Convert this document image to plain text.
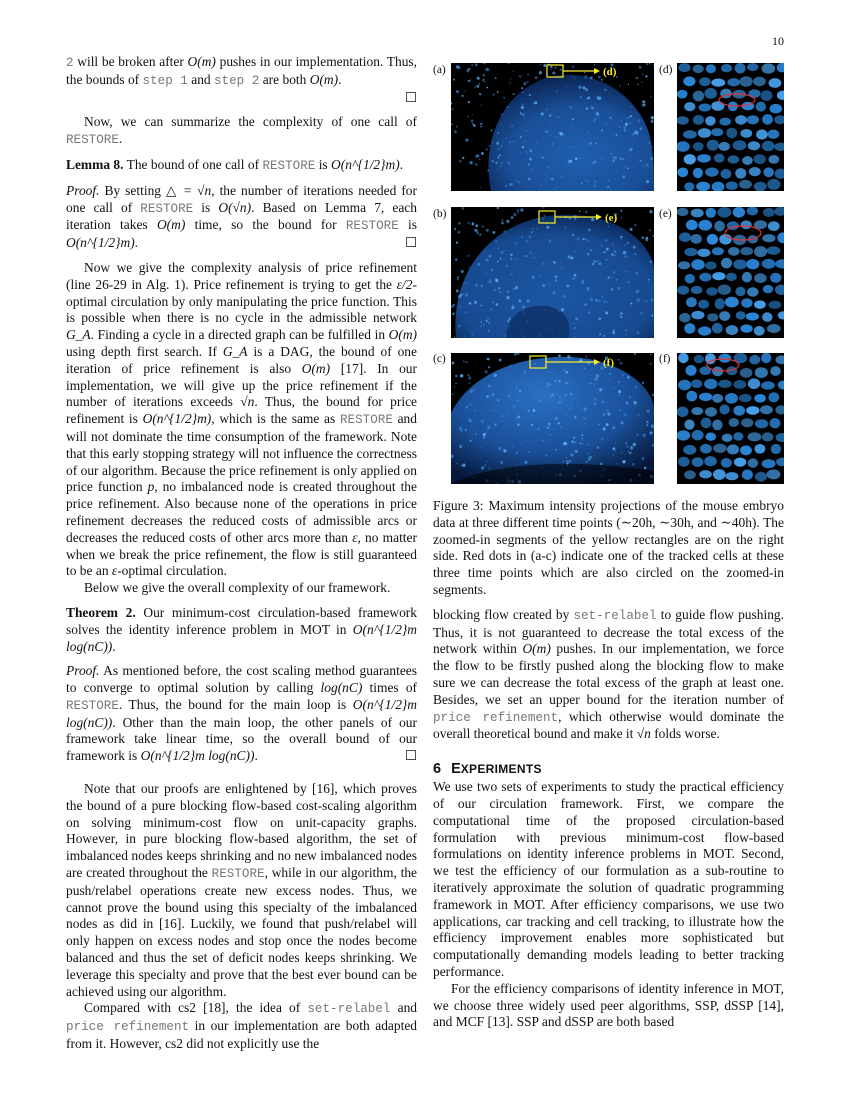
10

2 will be broken after O(m) pushes in our implementation. Thus, the bounds of step 1 and step 2 are both O(m).

☐

Now, we can summarize the complexity of one call of RESTORE.

Lemma 8. The bound of one call of RESTORE is O(n^{1/2}m).

Proof. By setting △ = √n, the number of iterations needed for one call of RESTORE is O(√n). Based on Lemma 7, each iteration takes O(m) time, so the bound for RESTORE is O(n^{1/2}m).	☐

Now we give the complexity analysis of price refinement (line 26-29 in Alg. 1). Price refinement is trying to get the ε/2-optimal circulation by only manipulating the price function. This is possible when there is no cycle in the admissible network G_A. Finding a cycle in a directed graph can be fulfilled in O(m) using depth first search. If G_A is a DAG, the bound of one iteration of price refinement is also O(m) [17]. In our implementation, we will give up the price refinement if the number of iterations exceeds √n. Thus, the bound for price refinement is O(n^{1/2}m), which is the same as RESTORE and will not dominate the time consumption of the framework. Note that this early stopping strategy will not influence the correctness of our algorithm. Because the price refinement is only applied on price function p, no imbalanced node is created throughout the price refinement. Also because none of the operations in price refinement decreases the reduced costs of admissible arcs or decreases the reduced costs of other arcs more than ε, no matter when we break the price refinement, the flow is still guaranteed to be an ε-optimal circulation.

Below we give the overall complexity of our framework.

Theorem 2. Our minimum-cost circulation-based framework solves the identity inference problem in MOT in O(n^{1/2}m log(nC)).

Proof. As mentioned before, the cost scaling method guarantees to converge to optimal solution by calling log(nC) times of RESTORE. Thus, the bound for the main loop is O(n^{1/2}m log(nC)). Other than the main loop, the other panels of our framework take linear time, so the overall bound of our framework is O(n^{1/2}m log(nC)).	☐

Note that our proofs are enlightened by [16], which proves the bound of a pure blocking flow-based cost-scaling algorithm on solving minimum-cost flow on unit-capacity graphs. However, in pure blocking flow-based algorithm, the set of imbalanced nodes keeps shrinking and no new imbalanced nodes are created throughout the RESTORE, while in our algorithm, the push/relabel operations create new excess nodes. Thus, we cannot prove the bound using this specialty of the imbalanced nodes as did in [16]. Luckily, we found that push/relabel will only happen on excess nodes and stop once the nodes become balanced and thus the set of deficit nodes keeps shrinking. We leverage this specialty and prove that the best ever bound can be achieved using our algorithm.

Compared with cs2 [18], the idea of set-relabel and price refinement in our implementation are both adapted from it. However, cs2 did not explicitly use the

(a)	(d)
(b)	(e)
(c)	(f)
(d)
(e)
(f)

Figure 3: Maximum intensity projections of the mouse embryo data at three different time points (∼20h, ∼30h, and ∼40h). The zoomed-in segments of the yellow rectangles are on the right side. Red dots in (a-c) indicate one of the tracked cells at these three time points which are also circled on the zoomed-in segments.

blocking flow created by set-relabel to guide flow pushing. Thus, it is not guaranteed to decrease the total excess of the network within O(m) pushes. In our implementation, we force the flow to be firstly pushed along the blocking flow to make sure we can decrease the total excess of the graph at least one. Besides, we set an upper bound for the iteration number of price refinement, which otherwise would dominate the overall theoretical bound and make it √n folds worse.

6 EXPERIMENTS

We use two sets of experiments to study the practical efficiency of our circulation framework. First, we compare the computational time of the proposed circulation-based formulation with previous minimum-cost flow-based formulations on identity inference problems in MOT. Second, we test the efficiency of our formulation as a sub-routine to iteratively approximate the solution of quadratic programming framework in MOT. After efficiency comparisons, we use two applications, car tracking and cell tracking, to illustrate how the efficiency improvement enables more sophisticated but computationally demanding models leading to better tracking performance.

For the efficiency comparisons of identity inference in MOT, we choose three widely used peer algorithms, SSP, dSSP [14], and MCF [13]. SSP and dSSP are both based
